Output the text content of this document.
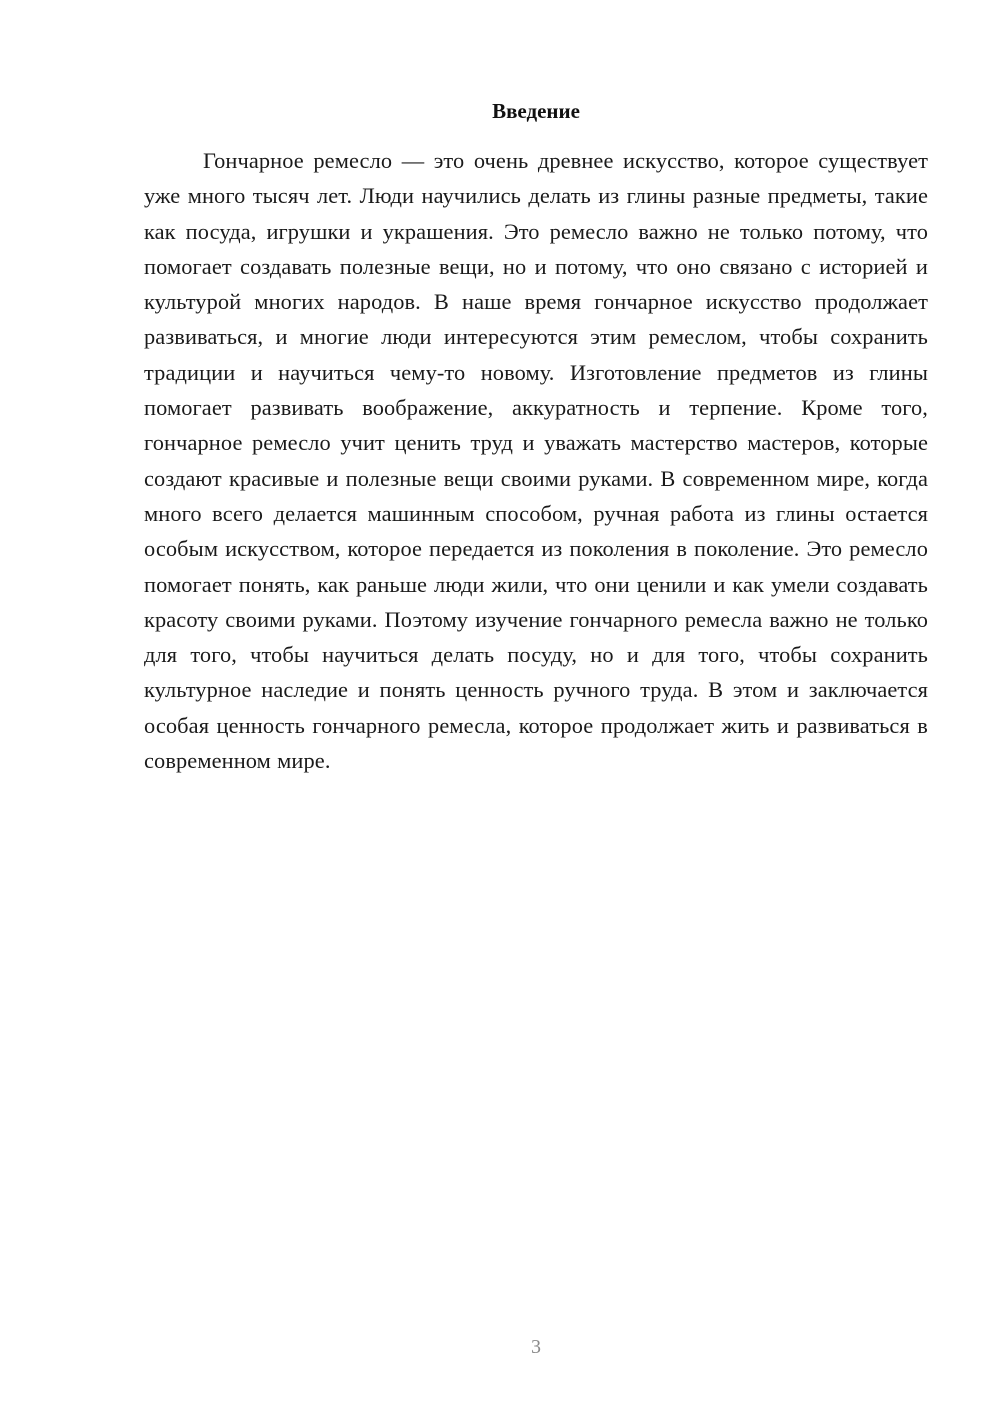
Введение

Гончарное ремесло — это очень древнее искусство, которое существует уже много тысяч лет. Люди научились делать из глины разные предметы, такие как посуда, игрушки и украшения. Это ремесло важно не только потому, что помогает создавать полезные вещи, но и потому, что оно связано с историей и культурой многих народов. В наше время гончарное искусство продолжает развиваться, и многие люди интересуются этим ремеслом, чтобы сохранить традиции и научиться чему-то новому. Изготовление предметов из глины помогает развивать воображение, аккуратность и терпение. Кроме того, гончарное ремесло учит ценить труд и уважать мастерство мастеров, которые создают красивые и полезные вещи своими руками. В современном мире, когда много всего делается машинным способом, ручная работа из глины остается особым искусством, которое передается из поколения в поколение. Это ремесло помогает понять, как раньше люди жили, что они ценили и как умели создавать красоту своими руками. Поэтому изучение гончарного ремесла важно не только для того, чтобы научиться делать посуду, но и для того, чтобы сохранить культурное наследие и понять ценность ручного труда. В этом и заключается особая ценность гончарного ремесла, которое продолжает жить и развиваться в современном мире.

3
